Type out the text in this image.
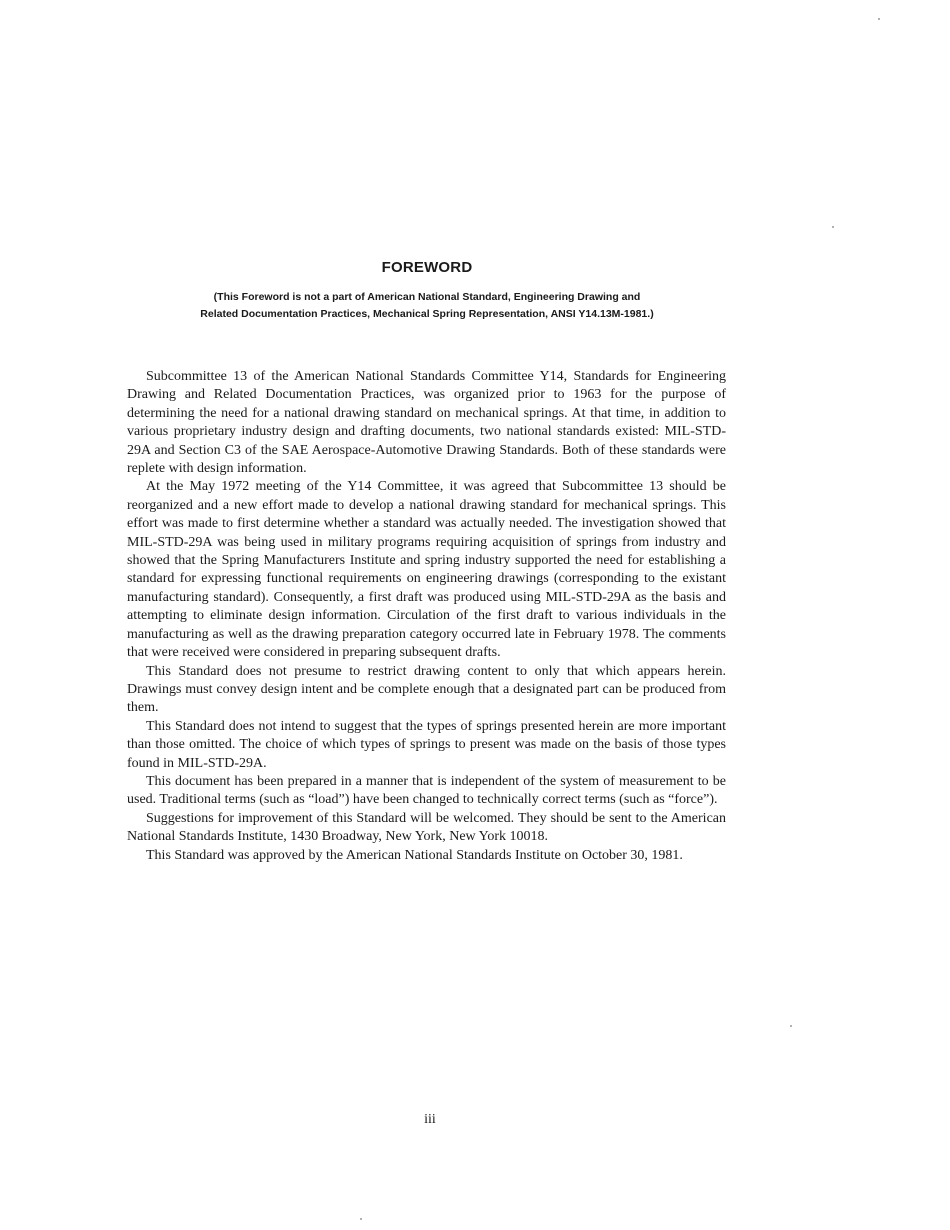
FOREWORD
(This Foreword is not a part of American National Standard, Engineering Drawing and
Related Documentation Practices, Mechanical Spring Representation, ANSI Y14.13M-1981.)

Subcommittee 13 of the American National Standards Committee Y14, Standards for Engineering Drawing and Related Documentation Practices, was organized prior to 1963 for the purpose of determining the need for a national drawing standard on mechanical springs. At that time, in addition to various proprietary industry design and drafting documents, two national standards existed: MIL-STD-29A and Section C3 of the SAE Aerospace-Automotive Drawing Standards. Both of these standards were replete with design information.

At the May 1972 meeting of the Y14 Committee, it was agreed that Subcommittee 13 should be reorganized and a new effort made to develop a national drawing standard for mechanical springs. This effort was made to first determine whether a standard was actually needed. The investigation showed that MIL-STD-29A was being used in military programs requiring acquisition of springs from industry and showed that the Spring Manufacturers Institute and spring industry supported the need for establishing a standard for expressing functional requirements on engineering drawings (corresponding to the existant manufacturing standard). Consequently, a first draft was produced using MIL-STD-29A as the basis and attempting to eliminate design information. Circulation of the first draft to various individuals in the manufacturing as well as the drawing preparation category occurred late in February 1978. The comments that were received were considered in preparing subsequent drafts.

This Standard does not presume to restrict drawing content to only that which appears herein. Drawings must convey design intent and be complete enough that a designated part can be produced from them.

This Standard does not intend to suggest that the types of springs presented herein are more important than those omitted. The choice of which types of springs to present was made on the basis of those types found in MIL-STD-29A.

This document has been prepared in a manner that is independent of the system of measurement to be used. Traditional terms (such as “load”) have been changed to technically correct terms (such as “force”).

Suggestions for improvement of this Standard will be welcomed. They should be sent to the American National Standards Institute, 1430 Broadway, New York, New York 10018.

This Standard was approved by the American National Standards Institute on October 30, 1981.

iii
